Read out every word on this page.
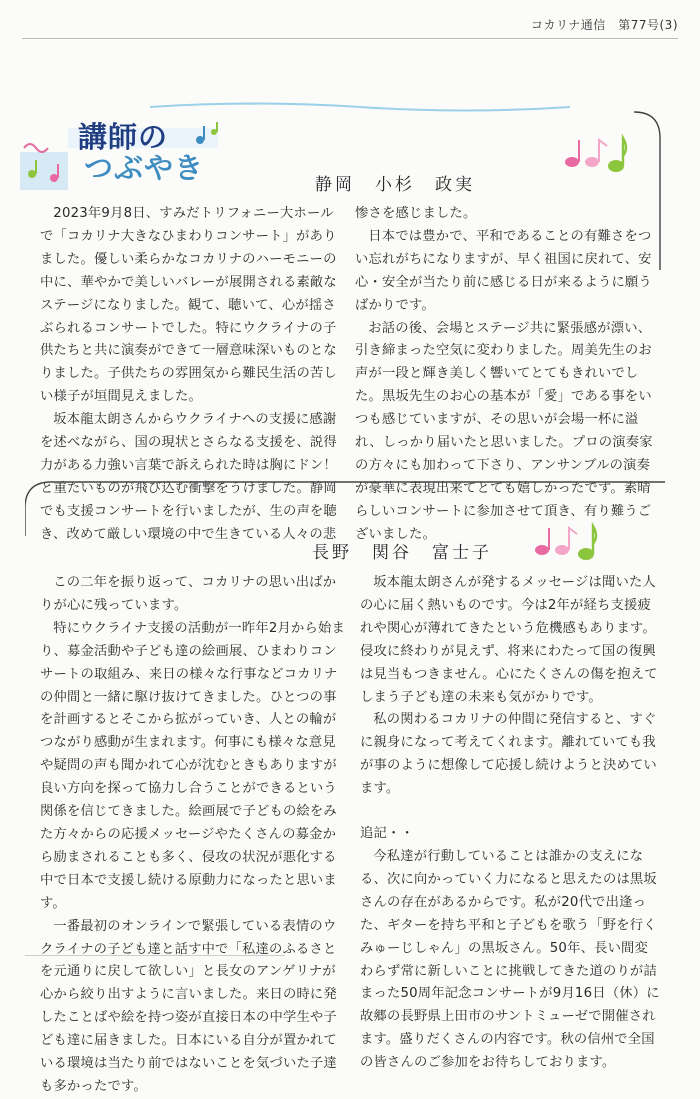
コカリナ通信　第77号(3)
講師の
つぶやき	静岡　小杉　政実

2023年9月8日、すみだトリフォニー大ホールで「コカリナ大きなひまわりコンサート」がありました。優しい柔らかなコカリナのハーモニーの中に、華やかで美しいバレーが展開される素敵なステージになりました。観て、聴いて、心が揺さぶられるコンサートでした。特にウクライナの子供たちと共に演奏ができて一層意味深いものとなりました。子供たちの雰囲気から難民生活の苦しい様子が垣間見えました。

坂本龍太朗さんからウクライナへの支援に感謝を述べながら、国の現状とさらなる支援を、説得力がある力強い言葉で訴えられた時は胸にドン！と重たいものが飛び込む衝撃をうけました。静岡でも支援コンサートを行いましたが、生の声を聴き、改めて厳しい環境の中で生きている人々の悲

惨さを感じました。

日本では豊かで、平和であることの有難さをつい忘れがちになりますが、早く祖国に戻れて、安心・安全が当たり前に感じる日が来るように願うばかりです。

お話の後、会場とステージ共に緊張感が漂い、引き締まった空気に変わりました。周美先生のお声が一段と輝き美しく響いてとてもきれいでした。黒坂先生のお心の基本が「愛」である事をいつも感じていますが、その思いが会場一杯に溢れ、しっかり届いたと思いました。プロの演奏家の方々にも加わって下さり、アンサンブルの演奏が豪華に表現出来てとても嬉しかったです。素晴らしいコンサートに参加させて頂き、有り難うございました。

長野　関谷　富士子

この二年を振り返って、コカリナの思い出ばかりが心に残っています。

特にウクライナ支援の活動が一昨年2月から始まり、募金活動や子ども達の絵画展、ひまわりコンサートの取組み、来日の様々な行事などコカリナの仲間と一緒に駆け抜けてきました。ひとつの事を計画するとそこから拡がっていき、人との輪がつながり感動が生まれます。何事にも様々な意見や疑問の声も聞かれて心が沈むときもありますが良い方向を探って協力し合うことができるという関係を信じてきました。絵画展で子どもの絵をみた方々からの応援メッセージやたくさんの募金から励まされることも多く、侵攻の状況が悪化する中で日本で支援し続ける原動力になったと思います。

一番最初のオンラインで緊張している表情のウクライナの子ども達と話す中で「私達のふるさとを元通りに戻して欲しい」と長女のアンゲリナが心から絞り出すように言いました。来日の時に発したことばや絵を持つ姿が直接日本の中学生や子ども達に届きました。日本にいる自分が置かれている環境は当たり前ではないことを気づいた子達も多かったです。

坂本龍太朗さんが発するメッセージは聞いた人の心に届く熱いものです。今は2年が経ち支援疲れや関心が薄れてきたという危機感もあります。侵攻に終わりが見えず、将来にわたって国の復興は見当もつきません。心にたくさんの傷を抱えてしまう子ども達の未来も気がかりです。

私の関わるコカリナの仲間に発信すると、すぐに親身になって考えてくれます。離れていても我が事のように想像して応援し続けようと決めています。

追記・・

今私達が行動していることは誰かの支えになる、次に向かっていく力になると思えたのは黒坂さんの存在があるからです。私が20代で出逢った、ギターを持ち平和と子どもを歌う「野を行くみゅーじしゃん」の黒坂さん。50年、長い間変わらず常に新しいことに挑戦してきた道のりが詰まった50周年記念コンサートが9月16日（休）に故郷の長野県上田市のサントミューゼで開催されます。盛りだくさんの内容です。秋の信州で全国の皆さんのご参加をお待ちしております。
